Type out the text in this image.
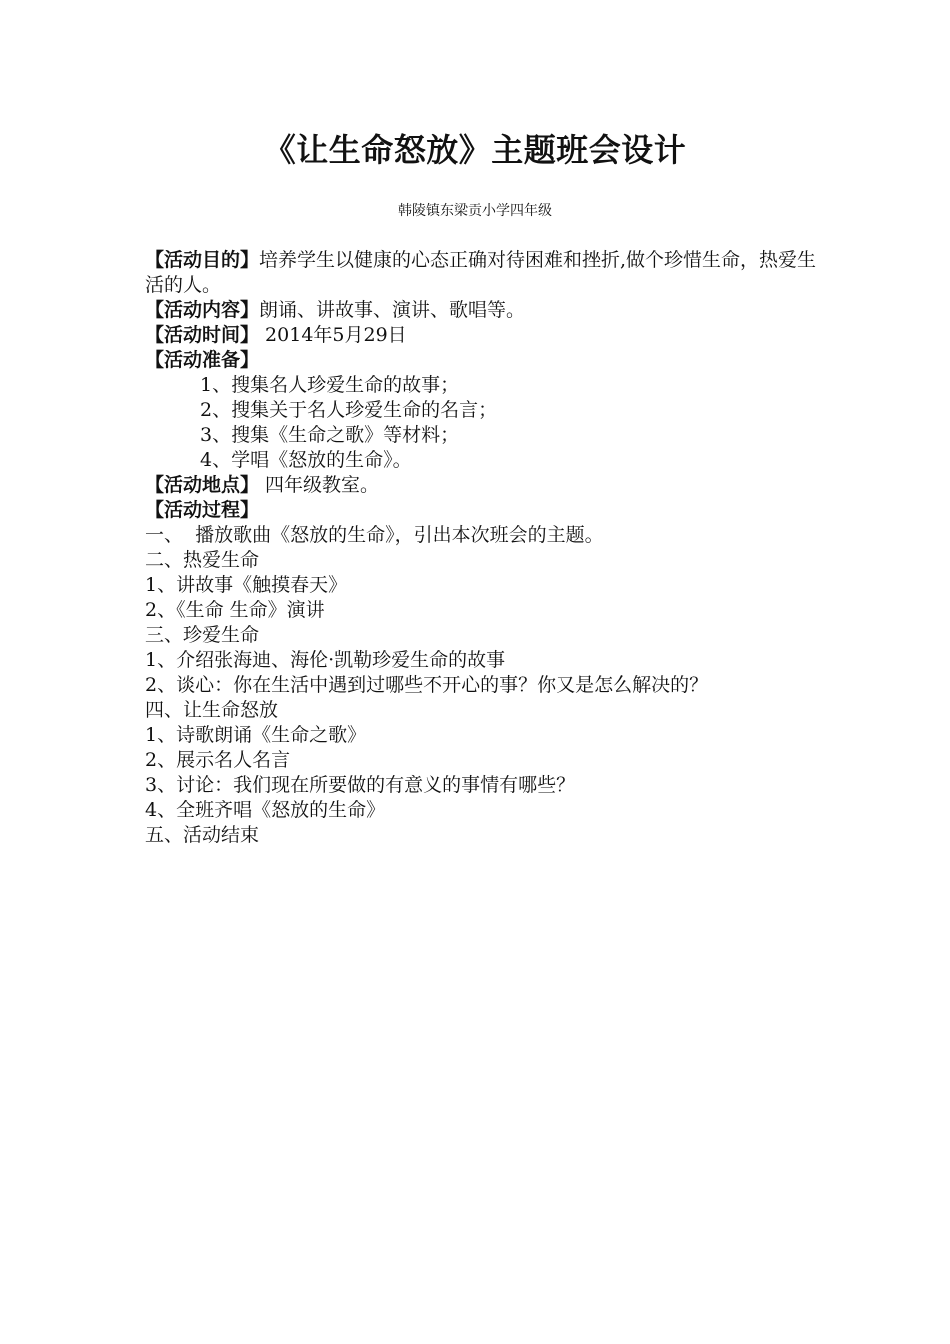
《让生命怒放》主题班会设计
韩陵镇东梁贡小学四年级
【活动目的】培养学生以健康的心态正确对待困难和挫折,做个珍惜生命，热爱生活的人。
【活动内容】朗诵、讲故事、演讲、歌唱等。
【活动时间】 2014年5月29日
【活动准备】
1、搜集名人珍爱生命的故事；
2、搜集关于名人珍爱生命的名言；
3、搜集《生命之歌》等材料；
4、学唱《怒放的生命》。
【活动地点】 四年级教室。
【活动过程】
一、  播放歌曲《怒放的生命》，引出本次班会的主题。
二、热爱生命
1、讲故事《触摸春天》
2、《生命 生命》演讲
三、珍爱生命
1、介绍张海迪、海伦·凯勒珍爱生命的故事
2、谈心：你在生活中遇到过哪些不开心的事？你又是怎么解决的？
四、让生命怒放
1、诗歌朗诵《生命之歌》
2、展示名人名言
3、讨论：我们现在所要做的有意义的事情有哪些？
4、全班齐唱《怒放的生命》
五、活动结束
